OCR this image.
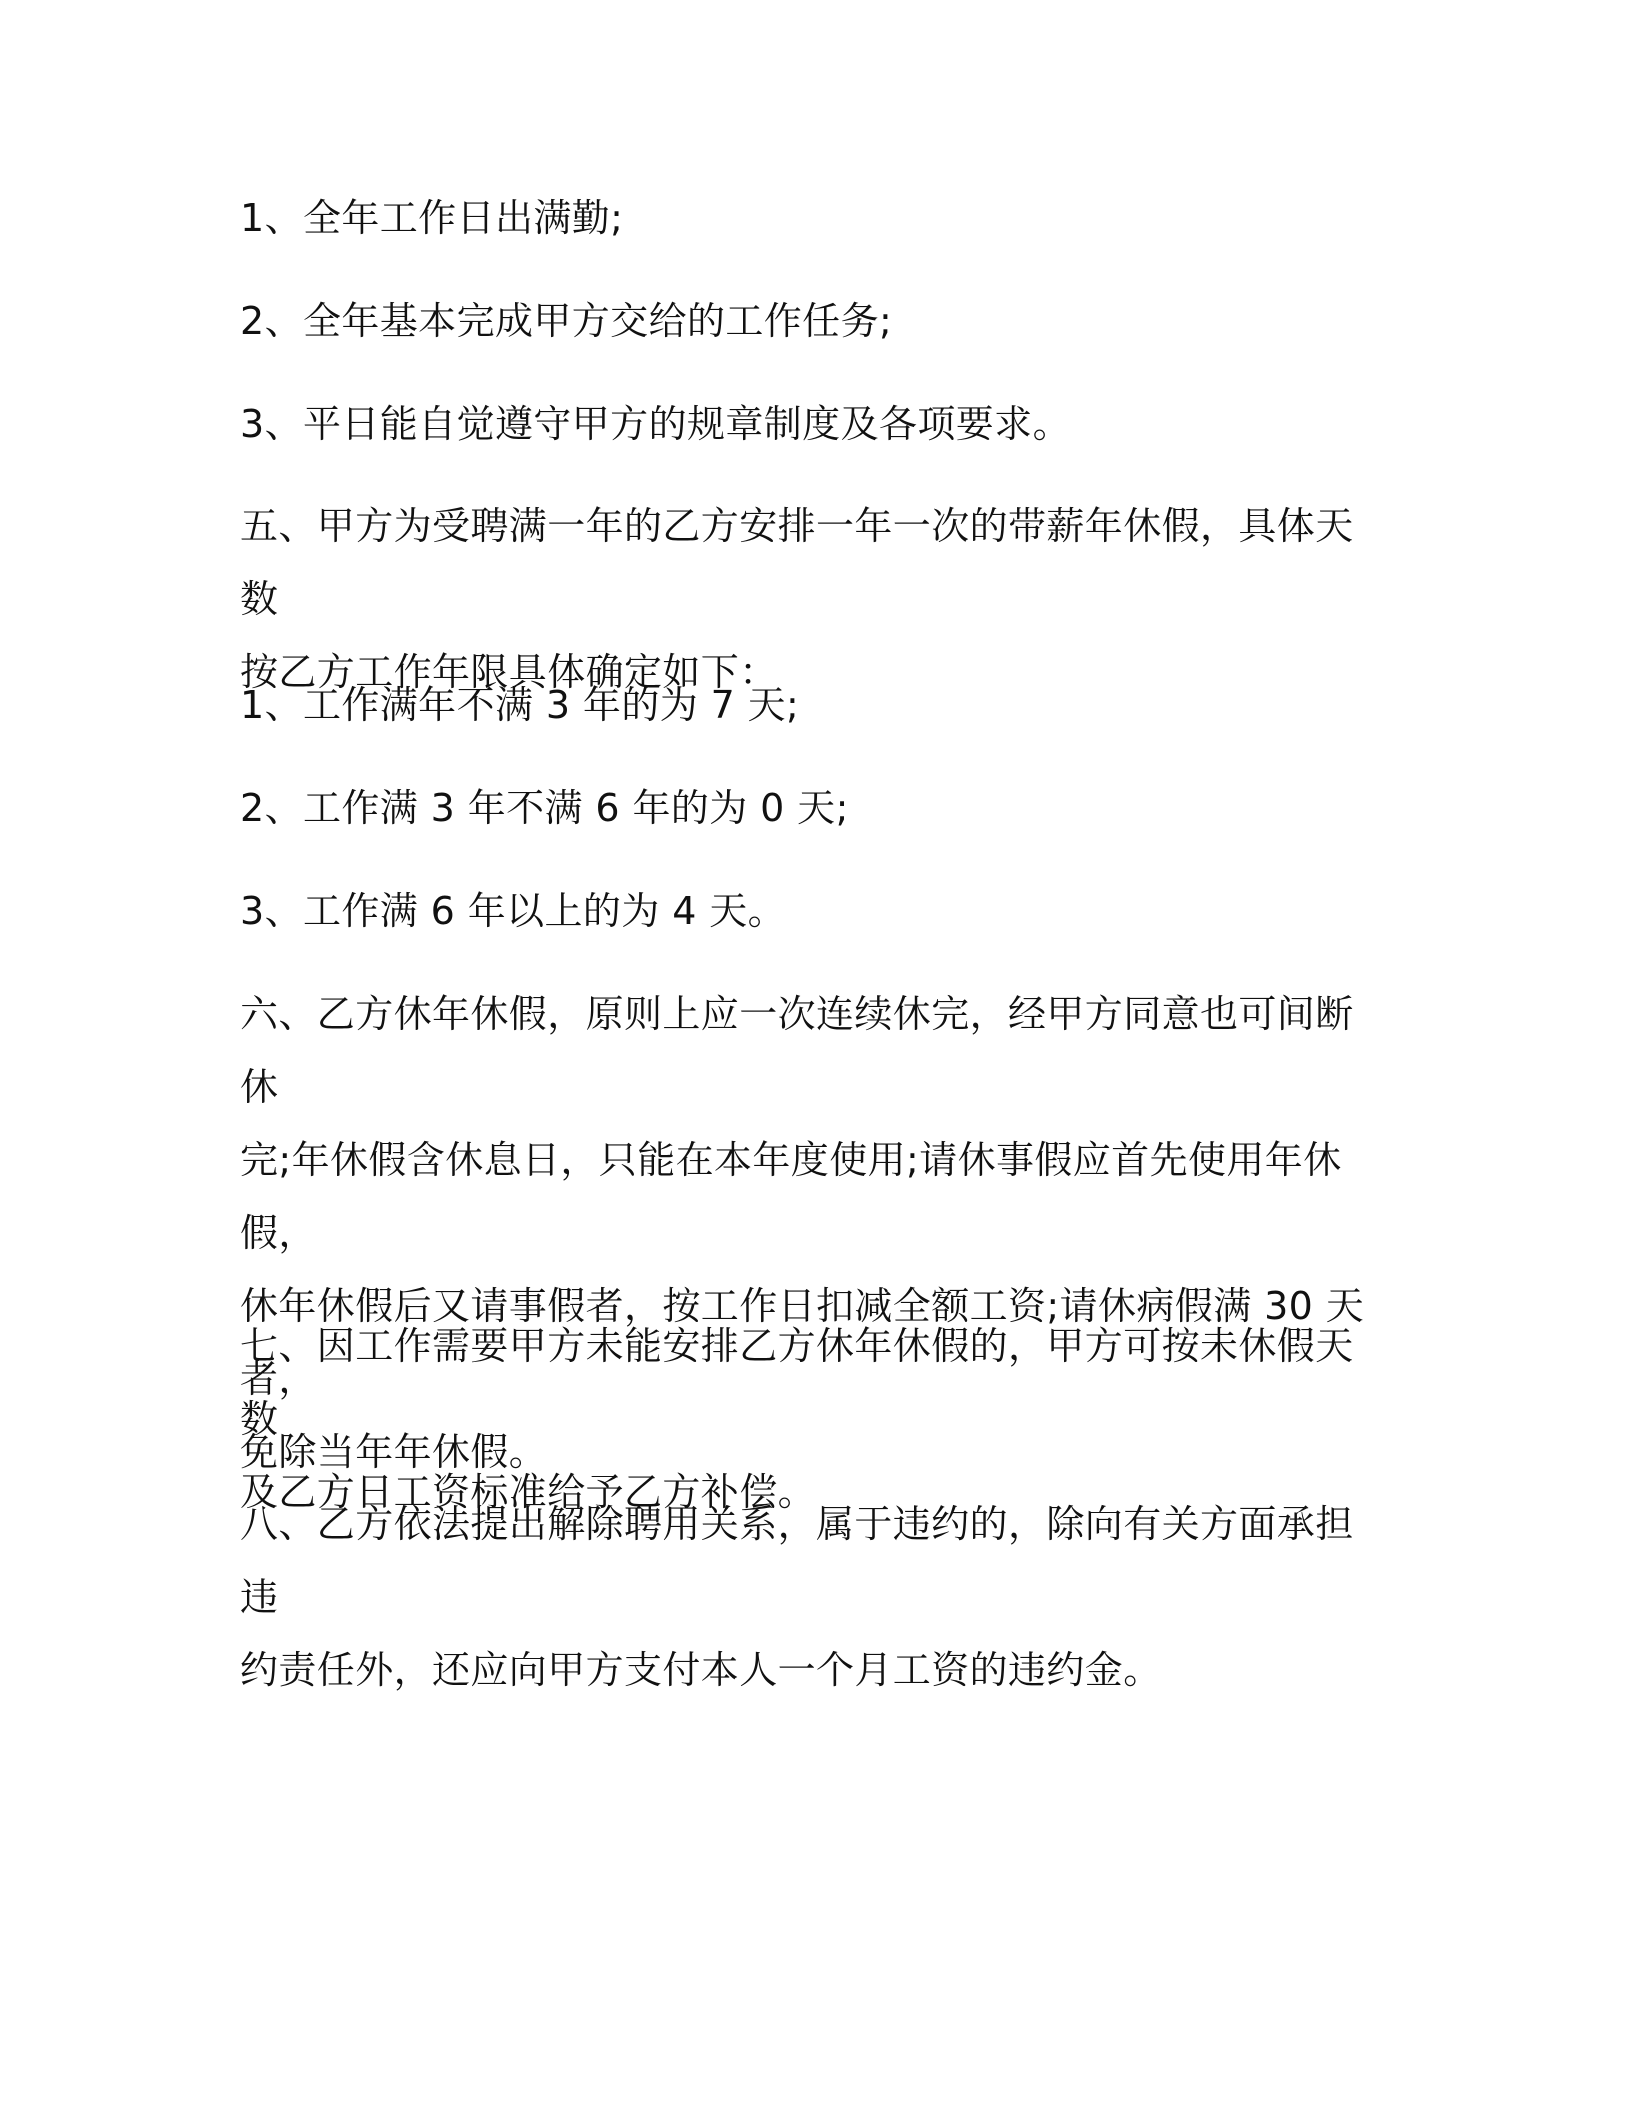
1、全年工作日出满勤;

2、全年基本完成甲方交给的工作任务;

3、平日能自觉遵守甲方的规章制度及各项要求。

五、甲方为受聘满一年的乙方安排一年一次的带薪年休假，具体天数
按乙方工作年限具体确定如下：

1、工作满年不满 3 年的为 7 天;

2、工作满 3 年不满 6 年的为 0 天;

3、工作满 6 年以上的为 4 天。

六、乙方休年休假，原则上应一次连续休完，经甲方同意也可间断休
完;年休假含休息日，只能在本年度使用;请休事假应首先使用年休假，
休年休假后又请事假者，按工作日扣减全额工资;请休病假满 30 天者，
免除当年年休假。

七、因工作需要甲方未能安排乙方休年休假的，甲方可按未休假天数
及乙方日工资标准给予乙方补偿。

八、乙方依法提出解除聘用关系，属于违约的，除向有关方面承担违
约责任外，还应向甲方支付本人一个月工资的违约金。
